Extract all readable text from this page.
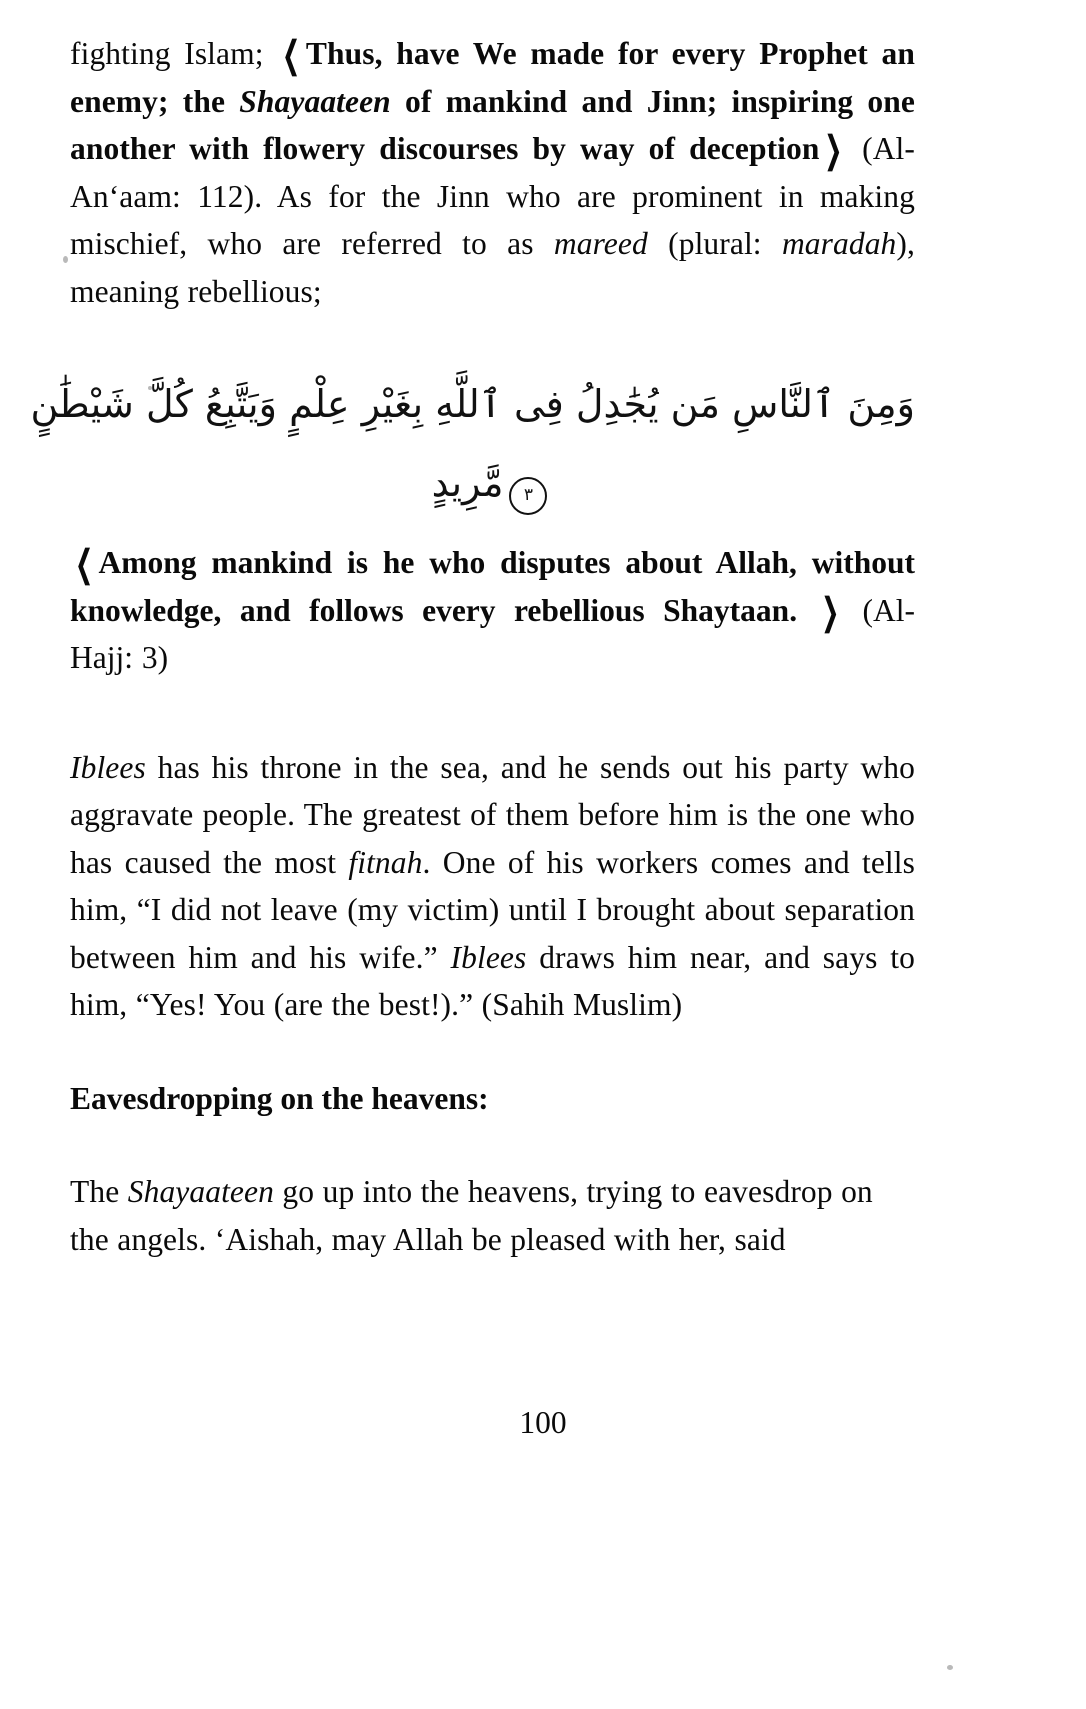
fighting Islam; ❬Thus, have We made for every Prophet an enemy; the Shayaateen of mankind and Jinn; inspiring one another with flowery discourses by way of deception❭ (Al-An‘aam: 112). As for the Jinn who are prominent in making mischief, who are referred to as mareed (plural: maradah), meaning rebellious;

وَمِنَ ٱلنَّاسِ مَن يُجَٰدِلُ فِى ٱللَّهِ بِغَيْرِ عِلْمٍ وَيَتَّبِعُ كُلَّ شَيْطَٰنٍ
٣مَّرِيدٍ

❬Among mankind is he who disputes about Allah, without knowledge, and follows every rebellious Shaytaan. ❭ (Al- Hajj: 3)

Iblees has his throne in the sea, and he sends out his party who aggravate people. The greatest of them before him is the one who has caused the most fitnah. One of his workers comes and tells him, “I did not leave (my victim) until I brought about separation between him and his wife.” Iblees draws him near, and says to him, “Yes! You (are the best!).” (Sahih Muslim)

Eavesdropping on the heavens:

The Shayaateen go up into the heavens, trying to eavesdrop on the angels. ‘Aishah, may Allah be pleased with her, said

100
